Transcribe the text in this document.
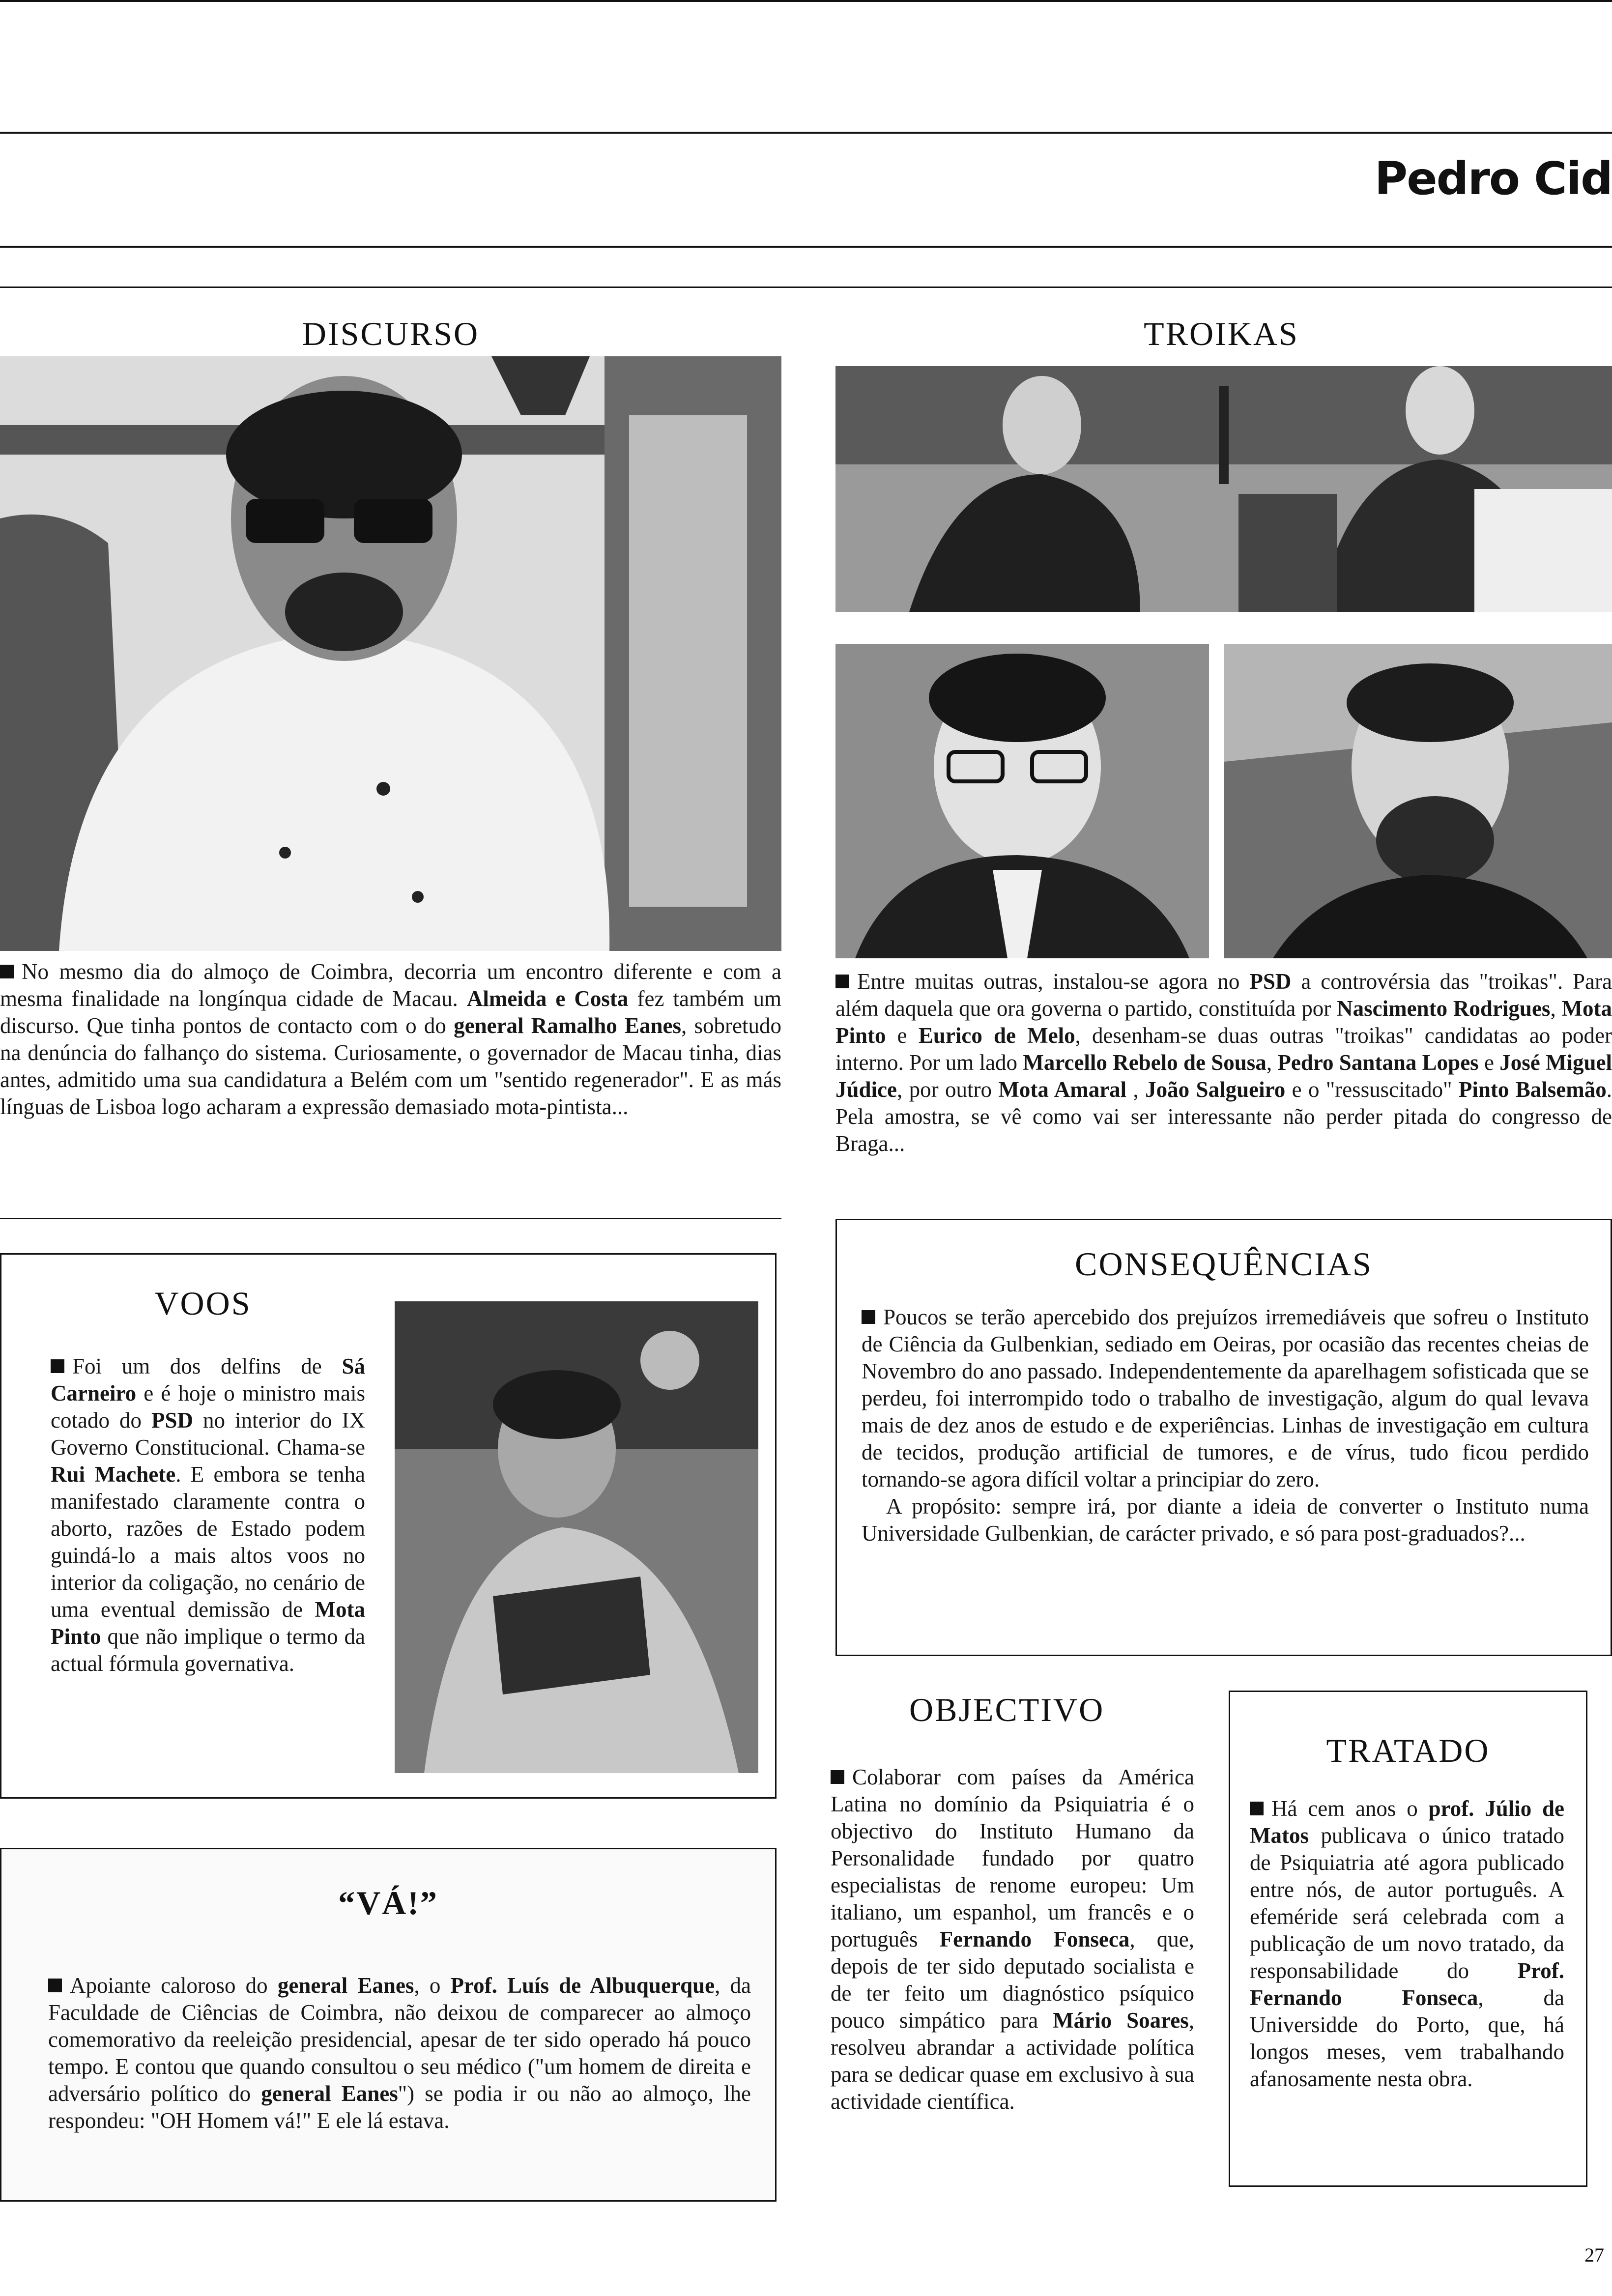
Pedro Cid
DISCURSO
No mesmo dia do almoço de Coimbra, decorria um encontro diferente e com a mesma finalidade na longínqua cidade de Macau. Almeida e Costa fez também um discurso. Que tinha pontos de contacto com o do general Ramalho Eanes, sobretudo na denúncia do falhanço do sistema. Curiosamente, o governador de Macau tinha, dias antes, admitido uma sua candidatura a Belém com um "sentido regenerador". E as más línguas de Lisboa logo acharam a expressão demasiado mota-pintista...
TROIKAS
Entre muitas outras, instalou-se agora no PSD a controvérsia das "troikas". Para além daquela que ora governa o partido, constituída por Nascimento Rodrigues, Mota Pinto e Eurico de Melo, desenham-se duas outras "troikas" candidatas ao poder interno. Por um lado Marcello Rebelo de Sousa, Pedro Santana Lopes e José Miguel Júdice, por outro Mota Amaral , João Salgueiro e o "ressuscitado" Pinto Balsemão. Pela amostra, se vê como vai ser interessante não perder pitada do congresso de Braga...
VOOS
Foi um dos delfins de Sá Carneiro e é hoje o ministro mais cotado do PSD no interior do IX Governo Constitucional. Chama-se Rui Machete. E embora se tenha manifestado claramente contra o aborto, razões de Estado podem guindá-lo a mais altos voos no interior da coligação, no cenário de uma eventual demissão de Mota Pinto que não implique o termo da actual fórmula governativa.
CONSEQUÊNCIAS
Poucos se terão apercebido dos prejuízos irremediáveis que sofreu o Instituto de Ciência da Gulbenkian, sediado em Oeiras, por ocasião das recentes cheias de Novembro do ano passado. Independentemente da aparelhagem sofisticada que se perdeu, foi interrompido todo o trabalho de investigação, algum do qual levava mais de dez anos de estudo e de experiências. Linhas de investigação em cultura de tecidos, produção artificial de tumores, e de vírus, tudo ficou perdido tornando-se agora difícil voltar a principiar do zero.
A propósito: sempre irá, por diante a ideia de converter o Instituto numa Universidade Gulbenkian, de carácter privado, e só para post-graduados?...
“VÁ!”
Apoiante caloroso do general Eanes, o Prof. Luís de Albuquerque, da Faculdade de Ciências de Coimbra, não deixou de comparecer ao almoço comemorativo da reeleição presidencial, apesar de ter sido operado há pouco tempo. E contou que quando consultou o seu médico ("um homem de direita e adversário político do general Eanes") se podia ir ou não ao almoço, lhe respondeu: "OH Homem vá!" E ele lá estava.
OBJECTIVO
Colaborar com países da América Latina no domínio da Psiquiatria é o objectivo do Instituto Humano da Personalidade fundado por quatro especialistas de renome europeu: Um italiano, um espanhol, um francês e o português Fernando Fonseca, que, depois de ter sido deputado socialista e de ter feito um diagnóstico psíquico pouco simpático para Mário Soares, resolveu abrandar a actividade política para se dedicar quase em exclusivo à sua actividade científica.
TRATADO
Há cem anos o prof. Júlio de Matos publicava o único tratado de Psiquiatria até agora publicado entre nós, de autor português. A efeméride será celebrada com a publicação de um novo tratado, da responsabilidade do Prof. Fernando Fonseca, da Universidde do Porto, que, há longos meses, vem trabalhando afanosamente nesta obra.
27
